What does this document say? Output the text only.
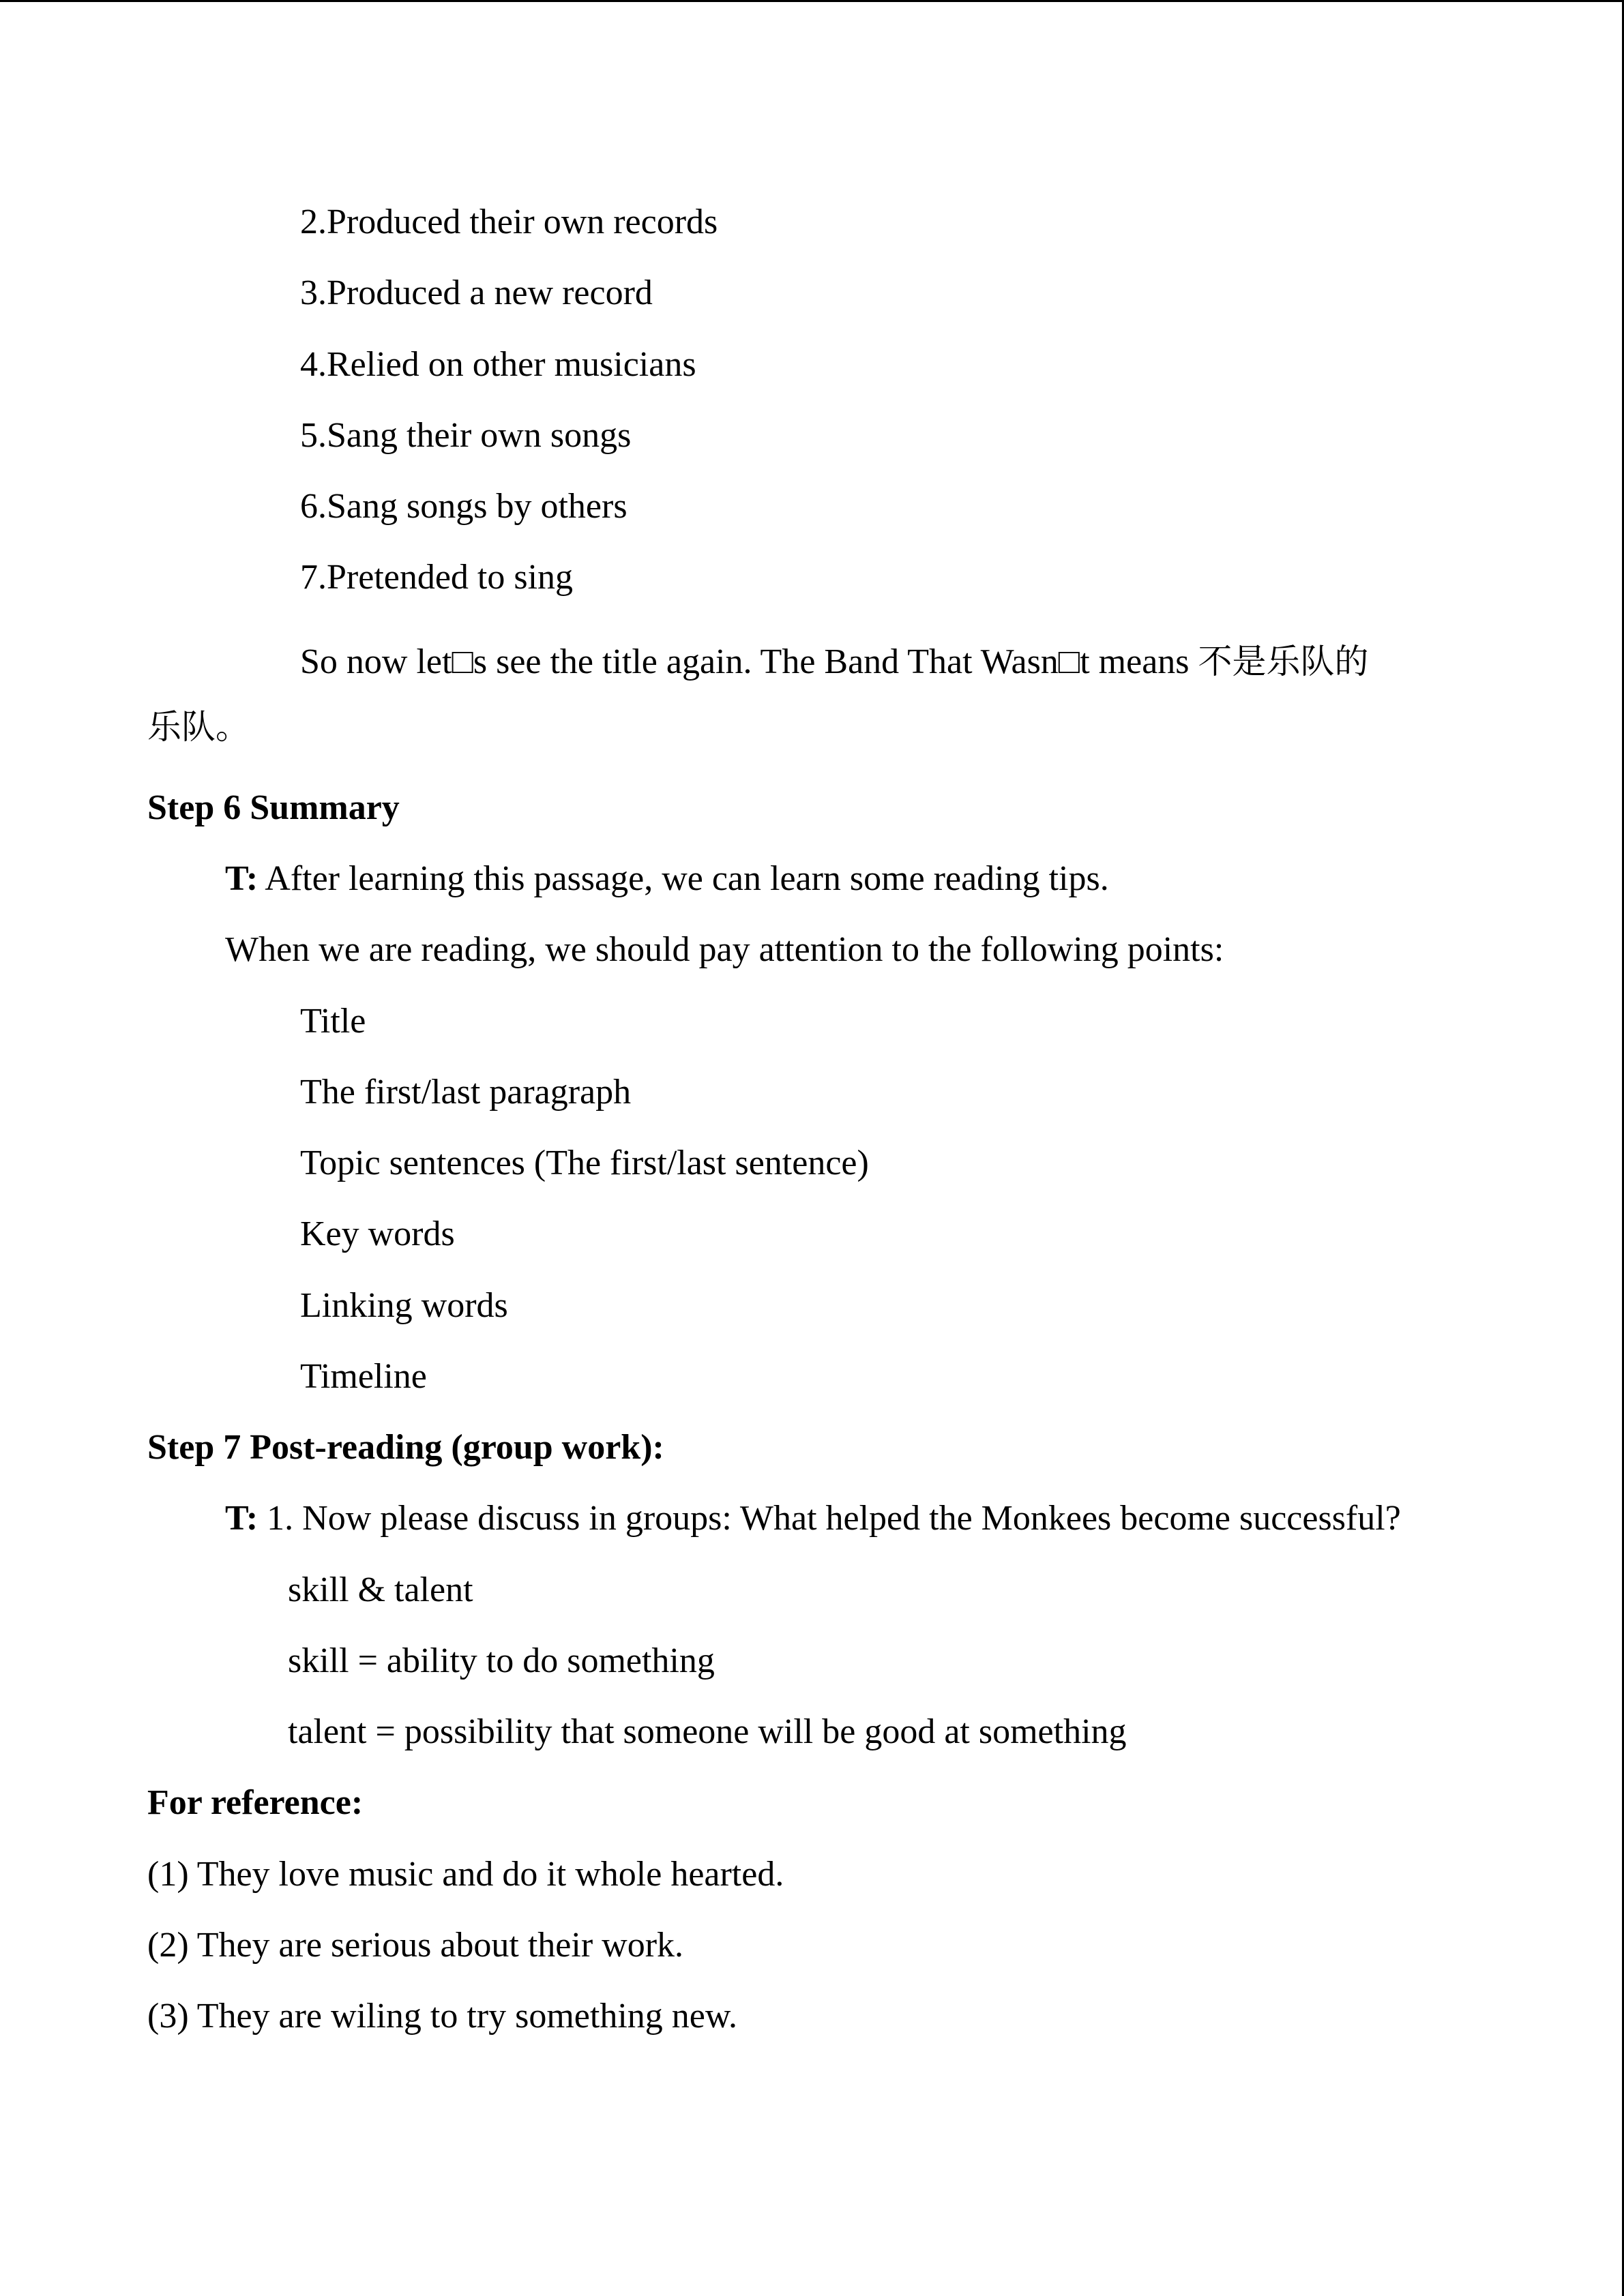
2.Produced their own records
3.Produced a new record
4.Relied on other musicians
5.Sang their own songs
6.Sang songs by others
7.Pretended to sing
So now let□s see the title again. The Band That Wasn□t means 不是乐队的
乐队。
Step 6 Summary
T: After learning this passage, we can learn some reading tips.
When we are reading, we should pay attention to the following points:
Title
The first/last paragraph
Topic sentences (The first/last sentence)
Key words
Linking words
Timeline
Step 7 Post-reading (group work):
T: 1. Now please discuss in groups: What helped the Monkees become successful?
skill & talent
skill = ability to do something
talent = possibility that someone will be good at something
For reference:
(1) They love music and do it whole hearted.
(2) They are serious about their work.
(3) They are wiling to try something new.
